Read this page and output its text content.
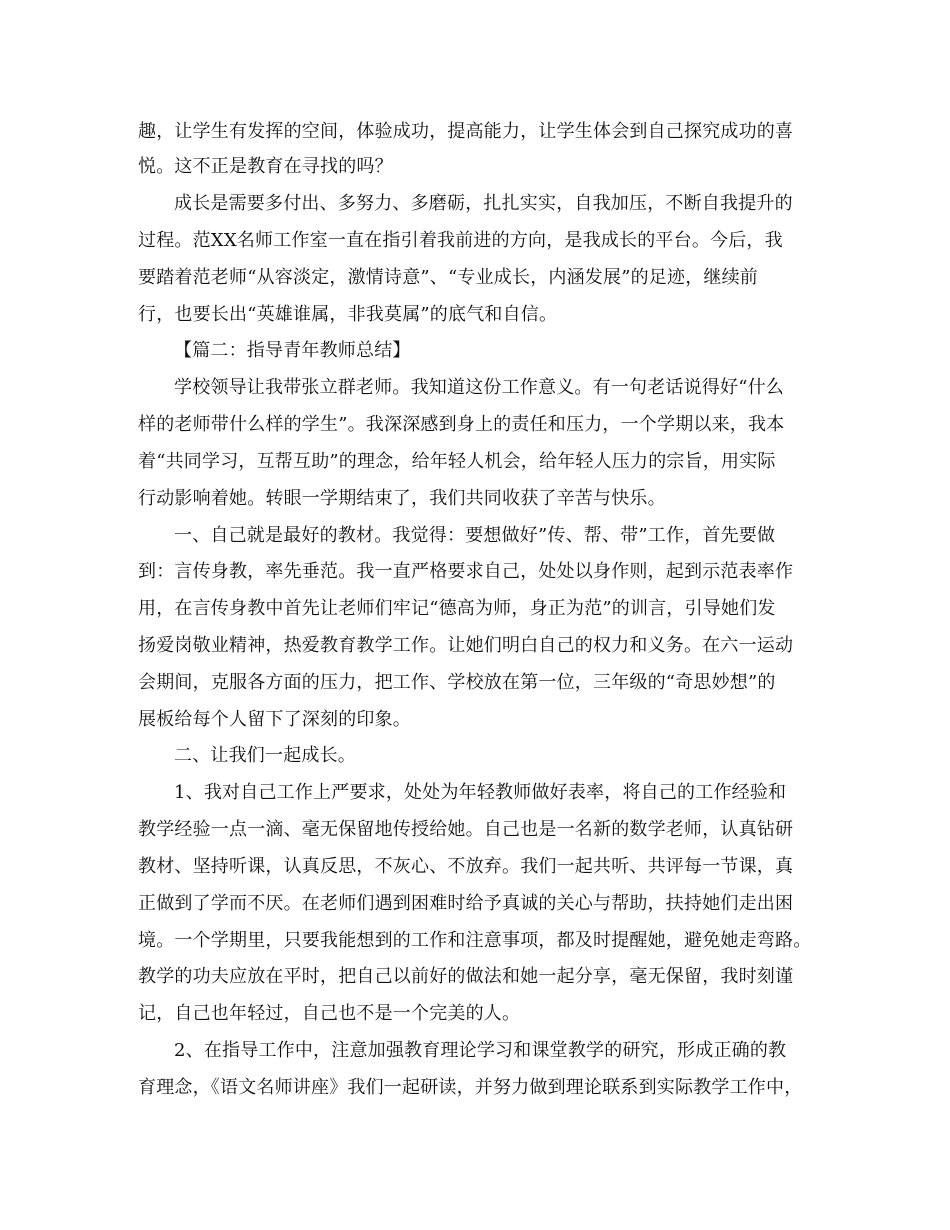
趣，让学生有发挥的空间，体验成功，提高能力，让学生体会到自己探究成功的喜
悦。这不正是教育在寻找的吗？
成长是需要多付出、多努力、多磨砺，扎扎实实，自我加压，不断自我提升的
过程。范XX名师工作室一直在指引着我前进的方向，是我成长的平台。今后，我
要踏着范老师“从容淡定，激情诗意”、“专业成长，内涵发展”的足迹，继续前
行，也要长出“英雄谁属，非我莫属”的底气和自信。
【篇二：指导青年教师总结】
学校领导让我带张立群老师。我知道这份工作意义。有一句老话说得好“什么
样的老师带什么样的学生”。我深深感到身上的责任和压力，一个学期以来，我本
着“共同学习，互帮互助”的理念，给年轻人机会，给年轻人压力的宗旨，用实际
行动影响着她。转眼一学期结束了，我们共同收获了辛苦与快乐。
一、自己就是最好的教材。我觉得：要想做好”传、帮、带”工作，首先要做
到：言传身教，率先垂范。我一直严格要求自己，处处以身作则，起到示范表率作
用，在言传身教中首先让老师们牢记“德高为师，身正为范”的训言，引导她们发
扬爱岗敬业精神，热爱教育教学工作。让她们明白自己的权力和义务。在六一运动
会期间，克服各方面的压力，把工作、学校放在第一位，三年级的“奇思妙想”的
展板给每个人留下了深刻的印象。
二、让我们一起成长。
1、我对自己工作上严要求，处处为年轻教师做好表率，将自己的工作经验和
教学经验一点一滴、毫无保留地传授给她。自己也是一名新的数学老师，认真钻研
教材、坚持听课，认真反思，不灰心、不放弃。我们一起共听、共评每一节课，真
正做到了学而不厌。在老师们遇到困难时给予真诚的关心与帮助，扶持她们走出困
境。一个学期里，只要我能想到的工作和注意事项，都及时提醒她，避免她走弯路。
教学的功夫应放在平时，把自己以前好的做法和她一起分享，毫无保留，我时刻谨
记，自己也年轻过，自己也不是一个完美的人。
2、在指导工作中，注意加强教育理论学习和课堂教学的研究，形成正确的教
育理念，《语文名师讲座》我们一起研读，并努力做到理论联系到实际教学工作中，
